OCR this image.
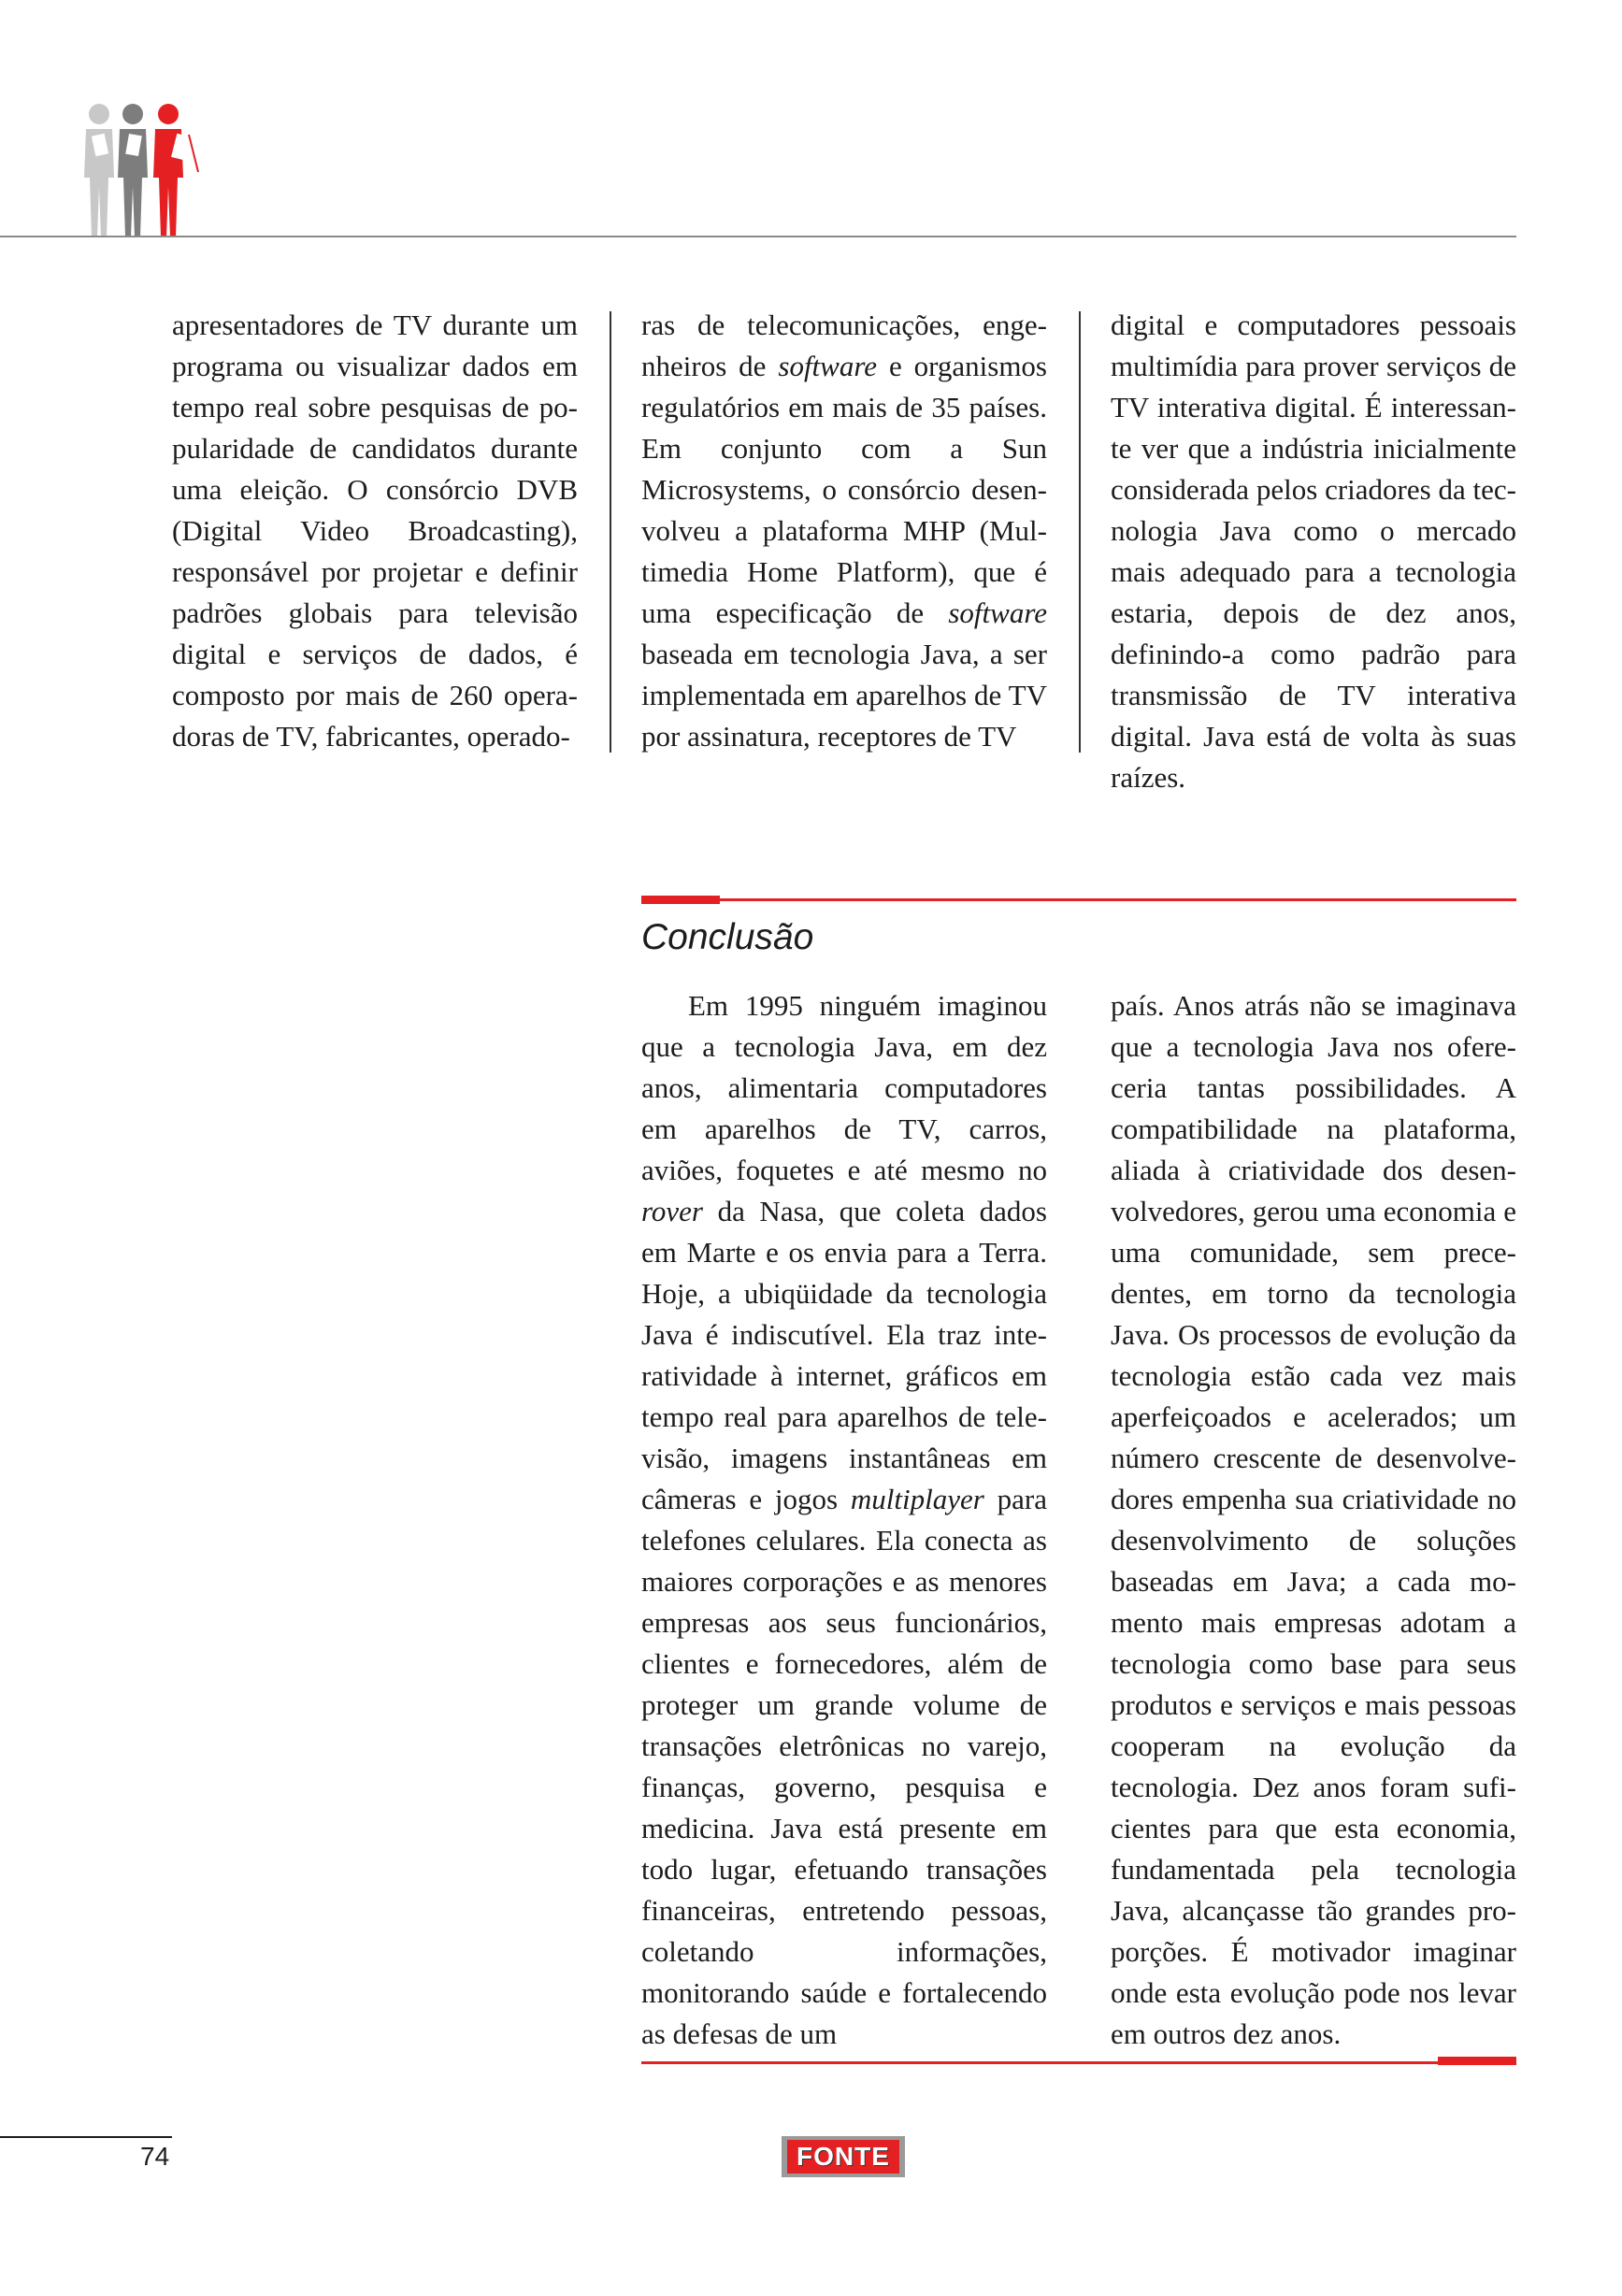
apresentadores de TV durante um programa ou visualizar dados em tempo real sobre pesquisas de popularidade de candidatos durante uma eleição. O consórcio DVB (Digital Video Broadcasting), responsável por projetar e definir padrões globais para televisão digital e serviços de dados, é composto por mais de 260 operadoras de TV, fabricantes, operado-

ras de telecomunicações, engenheiros de software e organismos regulatórios em mais de 35 países. Em conjunto com a Sun Microsystems, o consórcio desenvolveu a plataforma MHP (Multimedia Home Platform), que é uma especificação de software baseada em tecnologia Java, a ser implementada em aparelhos de TV por assinatura, receptores de TV

digital e computadores pessoais multimídia para prover serviços de TV interativa digital. É interessante ver que a indústria inicialmente considerada pelos criadores da tecnologia Java como o mercado mais adequado para a tecnologia estaria, depois de dez anos, definindo-a como padrão para transmissão de TV interativa digital. Java está de volta às suas raízes.

Conclusão

Em 1995 ninguém imaginou que a tecnologia Java, em dez anos, alimentaria computadores em aparelhos de TV, carros, aviões, foquetes e até mesmo no rover da Nasa, que coleta dados em Marte e os envia para a Terra. Hoje, a ubiqüidade da tecnologia Java é indiscutível. Ela traz interatividade à internet, gráficos em tempo real para aparelhos de televisão, imagens instantâneas em câmeras e jogos multiplayer para telefones celulares. Ela conecta as maiores corporações e as menores empresas aos seus funcionários, clientes e fornecedores, além de proteger um grande volume de transações eletrônicas no varejo, finanças, governo, pesquisa e medicina. Java está presente em todo lugar, efetuando transações financeiras, entretendo pessoas, coletando informações, monitorando saúde e fortalecendo as defesas de um

país. Anos atrás não se imaginava que a tecnologia Java nos ofereceria tantas possibilidades. A compatibilidade na plataforma, aliada à criatividade dos desenvolvedores, gerou uma economia e uma comunidade, sem precedentes, em torno da tecnologia Java. Os processos de evolução da tecnologia estão cada vez mais aperfeiçoados e acelerados; um número crescente de desenvolvedores empenha sua criatividade no desenvolvimento de soluções baseadas em Java; a cada momento mais empresas adotam a tecnologia como base para seus produtos e serviços e mais pessoas cooperam na evolução da tecnologia. Dez anos foram suficientes para que esta economia, fundamentada pela tecnologia Java, alcançasse tão grandes proporções. É motivador imaginar onde esta evolução pode nos levar em outros dez anos.

74	FONTE
